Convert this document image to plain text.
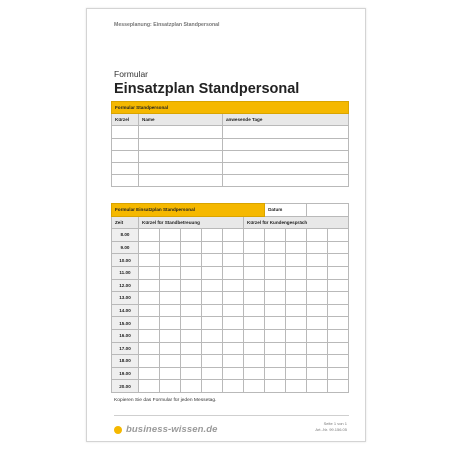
Messeplanung: Einsatzplan Standpersonal
Formular
Einsatzplan Standpersonal
Formular Standpersonal		
Kürzel	Name	anwesende Tage

Formular Einsatzplan Standpersonal							Datum			
Zeit	Kürzel für Standbetreuung					Kürzel für Kundengespräch				
8.00										
9.00										
10.00										
11.00										
12.00										
13.00										
14.00										
15.00										
16.00										
17.00										
18.00										
19.00										
20.00										
Kopieren Sie das Formular für jeden Messetag.
business-wissen.de
Seite 1 von 1
Art.-Nr. 99.156.05
